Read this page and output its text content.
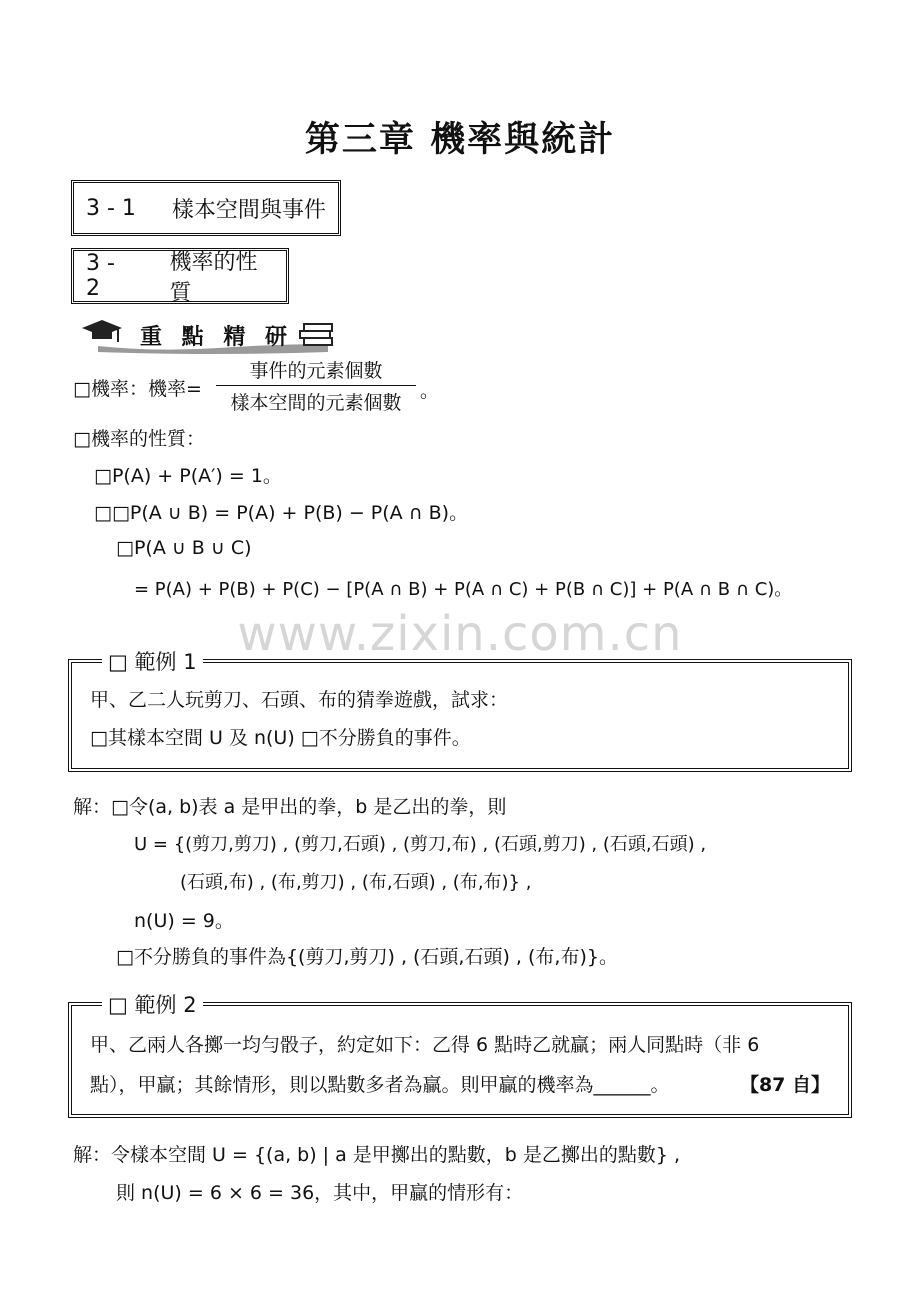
第三章 機率與統計
3 - 1 樣本空間與事件
3 - 2
機率的性質
重 點 精 研
□機率：機率=
事件的元素個數
樣本空間的元素個數
。
□機率的性質：
□P(A) + P(A′) = 1。
□□P(A ∪ B) = P(A) + P(B) − P(A ∩ B)。
□P(A ∪ B ∪ C)
= P(A) + P(B) + P(C) − [P(A ∩ B) + P(A ∩ C) + P(B ∩ C)] + P(A ∩ B ∩ C)。
www.zixin.com.cn
□ 範例 1
甲、乙二人玩剪刀、石頭、布的猜拳遊戲，試求：
□其樣本空間 U 及 n(U) □不分勝負的事件。
解：□令(a, b)表 a 是甲出的拳，b 是乙出的拳，則
U = {(剪刀,剪刀) , (剪刀,石頭) , (剪刀,布) , (石頭,剪刀) , (石頭,石頭) ,
(石頭,布) , (布,剪刀) , (布,石頭) , (布,布)} ,
n(U) = 9。
□不分勝負的事件為{(剪刀,剪刀) , (石頭,石頭) , (布,布)}。
□ 範例 2
甲、乙兩人各擲一均勻骰子，約定如下：乙得 6 點時乙就贏；兩人同點時（非 6
點），甲贏；其餘情形，則以點數多者為贏。則甲贏的機率為______。	【87 自】
解：令樣本空間 U = {(a, b) | a 是甲擲出的點數，b 是乙擲出的點數} ,
則 n(U) = 6 × 6 = 36，其中，甲贏的情形有：
